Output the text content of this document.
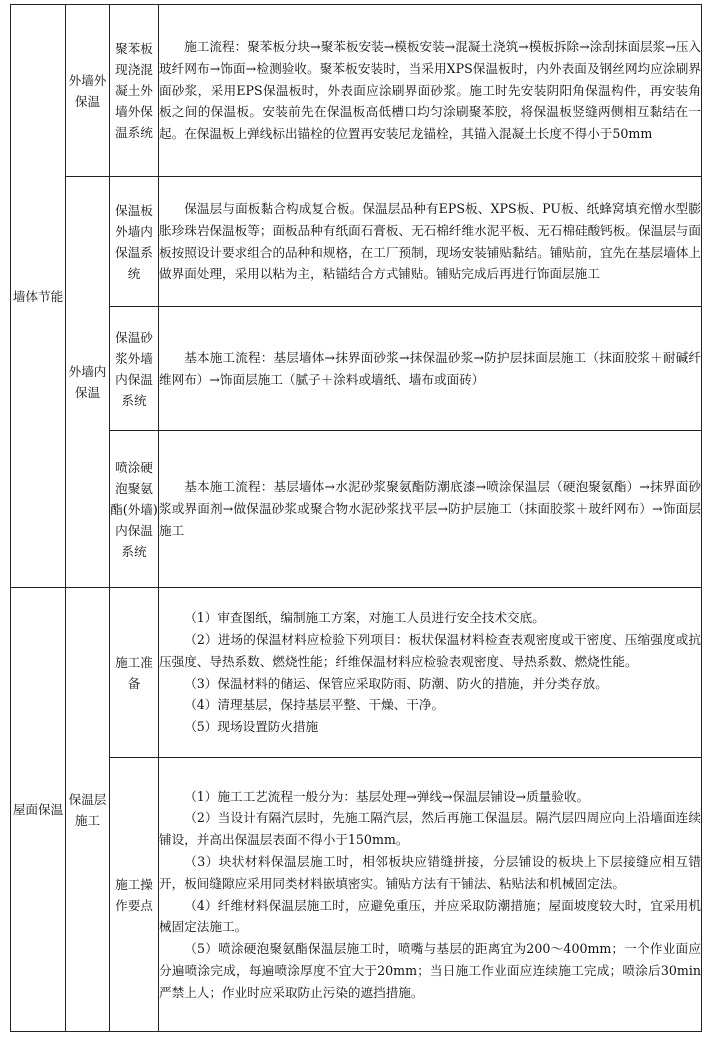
墙体节能	外墙外保温	聚苯板现浇混凝土外墙外保温系统	施工流程：聚苯板分块→聚苯板安装→模板安装→混凝土浇筑→模板拆除→涂刮抹面层浆→压入玻纤网布→饰面→检测验收。聚苯板安装时，当采用XPS保温板时，内外表面及钢丝网均应涂刷界面砂浆，采用EPS保温板时，外表面应涂刷界面砂浆。施工时先安装阴阳角保温构件，再安装角板之间的保温板。安装前先在保温板高低槽口均匀涂刷聚苯胶，将保温板竖缝两侧相互黏结在一起。在保温板上弹线标出锚栓的位置再安装尼龙锚栓，其锚入混凝土长度不得小于50mm

	外墙内保温	保温板外墙内保温系统	保温层与面板黏合构成复合板。保温层品种有EPS板、XPS板、PU板、纸蜂窝填充憎水型膨胀珍珠岩保温板等；面板品种有纸面石膏板、无石棉纤维水泥平板、无石棉硅酸钙板。保温层与面板按照设计要求组合的品种和规格，在工厂预制，现场安装铺贴黏结。铺贴前，宜先在基层墙体上做界面处理，采用以粘为主，粘锚结合方式铺贴。铺贴完成后再进行饰面层施工

		保温砂浆外墙内保温系统	基本施工流程：基层墙体→抹界面砂浆→抹保温砂浆→防护层抹面层施工（抹面胶浆＋耐碱纤维网布）→饰面层施工（腻子＋涂料或墙纸、墙布或面砖）

		喷涂硬泡聚氨酯(外墙)内保温系统	基本施工流程：基层墙体→水泥砂浆聚氨酯防潮底漆→喷涂保温层（硬泡聚氨酯）→抹界面砂浆或界面剂→做保温砂浆或聚合物水泥砂浆找平层→防护层施工（抹面胶浆＋玻纤网布）→饰面层施工

屋面保温	保温层施工	施工准备	（1）审查图纸，编制施工方案，对施工人员进行安全技术交底。

（2）进场的保温材料应检验下列项目：板状保温材料检查表观密度或干密度、压缩强度或抗压强度、导热系数、燃烧性能；纤维保温材料应检验表观密度、导热系数、燃烧性能。

（3）保温材料的储运、保管应采取防雨、防潮、防火的措施，并分类存放。

（4）清理基层，保持基层平整、干燥、干净。

（5）现场设置防火措施

		施工操作要点	（1）施工工艺流程一般分为：基层处理→弹线→保温层铺设→质量验收。

（2）当设计有隔汽层时，先施工隔汽层，然后再施工保温层。隔汽层四周应向上沿墙面连续铺设，并高出保温层表面不得小于150mm。

（3）块状材料保温层施工时，相邻板块应错缝拼接，分层铺设的板块上下层接缝应相互错开，板间缝隙应采用同类材料嵌填密实。铺贴方法有干铺法、粘贴法和机械固定法。

（4）纤维材料保温层施工时，应避免重压，并应采取防潮措施；屋面坡度较大时，宜采用机械固定法施工。

（5）喷涂硬泡聚氨酯保温层施工时，喷嘴与基层的距离宜为200～400mm；一个作业面应分遍喷涂完成，每遍喷涂厚度不宜大于20mm；当日施工作业面应连续施工完成；喷涂后30min严禁上人；作业时应采取防止污染的遮挡措施。
